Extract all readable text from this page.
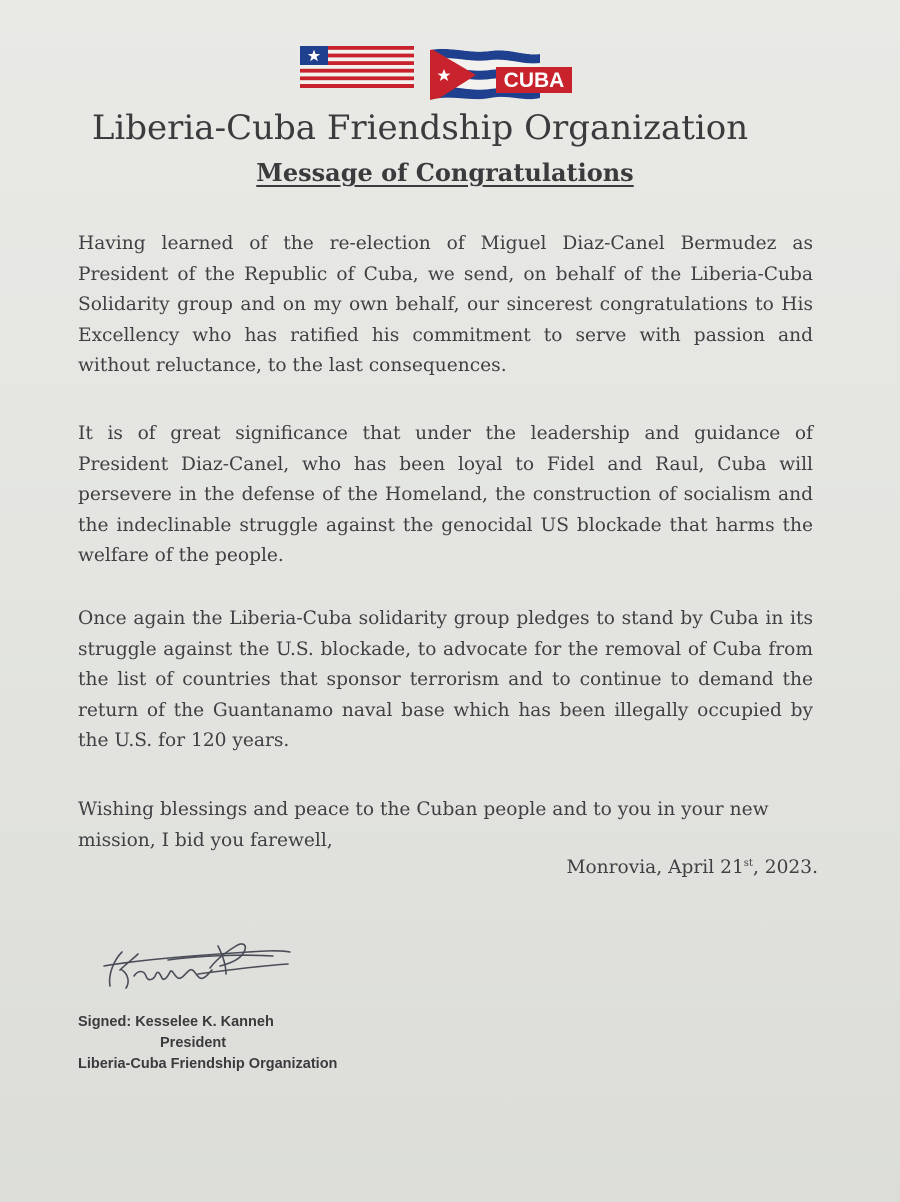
CUBA
Liberia-Cuba Friendship Organization
Message of Congratulations

Having learned of the re-election of Miguel Diaz-Canel Bermudez as President of the Republic of Cuba, we send, on behalf of the Liberia-Cuba Solidarity group and on my own behalf, our sincerest congratulations to His Excellency who has ratified his commitment to serve with passion and without reluctance, to the last consequences.

It is of great significance that under the leadership and guidance of President Diaz-Canel, who has been loyal to Fidel and Raul, Cuba will persevere in the defense of the Homeland, the construction of socialism and the indeclinable struggle against the genocidal US blockade that harms the welfare of the people.

Once again the Liberia-Cuba solidarity group pledges to stand by Cuba in its struggle against the U.S. blockade, to advocate for the removal of Cuba from the list of countries that sponsor terrorism and to continue to demand the return of the Guantanamo naval base which has been illegally occupied by the U.S. for 120 years.

Wishing blessings and peace to the Cuban people and to you in your new mission, I bid you farewell,

Monrovia, April 21st, 2023.
Signed: Kesselee K. Kanneh
President
Liberia-Cuba Friendship Organization
